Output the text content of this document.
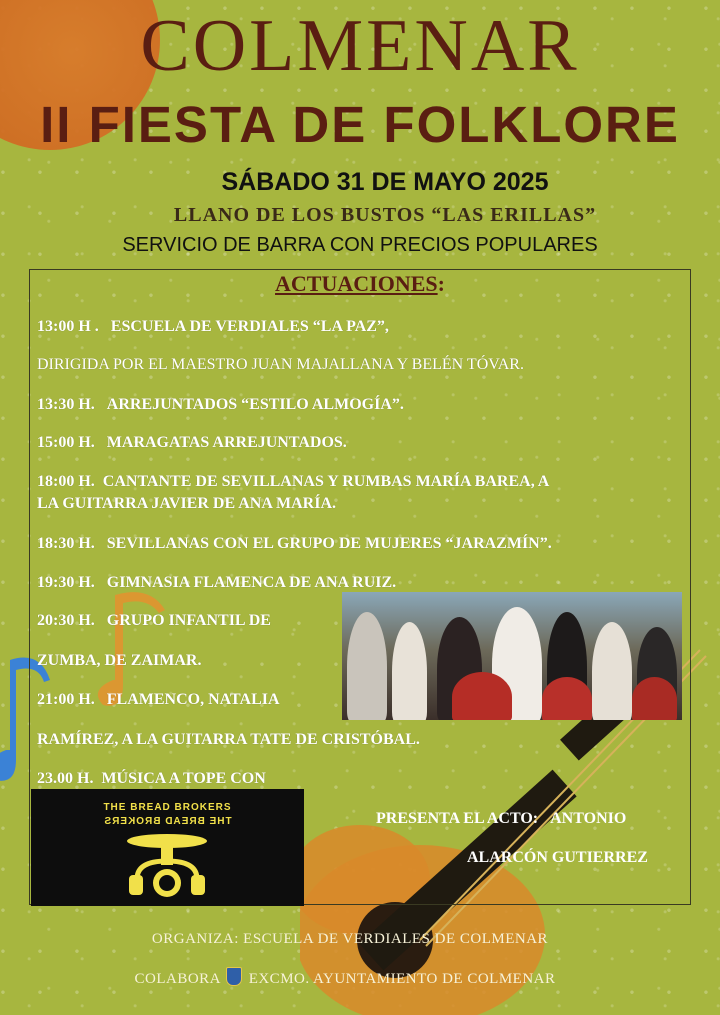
COLMENAR
II FIESTA DE FOLKLORE
SÁBADO 31 DE MAYO 2025
LLANO DE LOS BUSTOS “LAS ERILLAS”
SERVICIO DE BARRA CON PRECIOS POPULARES
ACTUACIONES:
13:00 H . ESCUELA DE VERDIALES “LA PAZ”,
DIRIGIDA POR EL MAESTRO JUAN MAJALLANA Y BELÉN TÓVAR.
13:30 H. ARREJUNTADOS “ESTILO ALMOGÍA”.
15:00 H. MARAGATAS ARREJUNTADOS.
18:00 H. CANTANTE DE SEVILLANAS Y RUMBAS MARÍA BAREA, A
LA GUITARRA JAVIER DE ANA MARÍA.
18:30 H. SEVILLANAS CON EL GRUPO DE MUJERES “JARAZMÍN”.
19:30 H. GIMNASIA FLAMENCA DE ANA RUIZ.
20:30 H. GRUPO INFANTIL DE
ZUMBA, DE ZAIMAR.
21:00 H. FLAMENCO, NATALIA
RAMÍREZ, A LA GUITARRA TATE DE CRISTÓBAL.
23.00 H. MÚSICA A TOPE CON
THE BREAD BROKERS
THE BREAD BROKERS	PRESENTA EL ACTO: ANTONIO
ALARCÓN GUTIERREZ
ORGANIZA: ESCUELA DE VERDIALES DE COLMENAR
COLABORA EXCMO. AYUNTAMIENTO DE COLMENAR
